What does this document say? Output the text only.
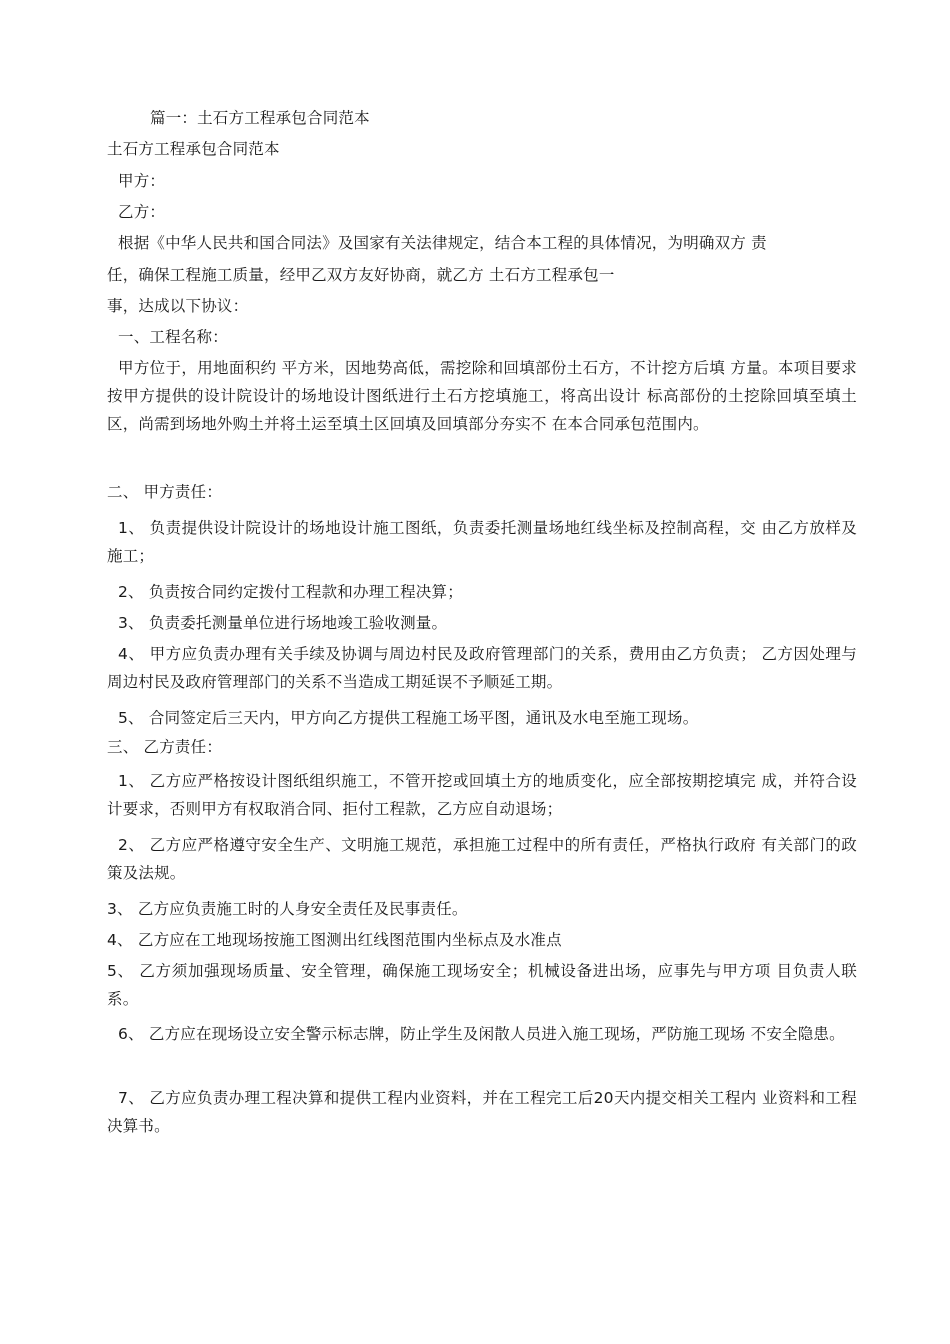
篇一：土石方工程承包合同范本
土石方工程承包合同范本
甲方：
乙方：
根据《中华人民共和国合同法》及国家有关法律规定，结合本工程的具体情况，为明确双方 责
任，确保工程施工质量，经甲乙双方友好协商，就乙方 土石方工程承包一
事，达成以下协议：
一、工程名称：
甲方位于，用地面积约 平方米，因地势高低，需挖除和回填部份土石方，不计挖方后填 方量。本项目要求按甲方提供的设计院设计的场地设计图纸进行土石方挖填施工，将高出设计 标高部份的土挖除回填至填土区，尚需到场地外购土并将土运至填土区回填及回填部分夯实不 在本合同承包范围内。
二、 甲方责任：
1、 负责提供设计院设计的场地设计施工图纸，负责委托测量场地红线坐标及控制高程，交 由乙方放样及施工；
2、 负责按合同约定拨付工程款和办理工程决算；
3、 负责委托测量单位进行场地竣工验收测量。
4、 甲方应负责办理有关手续及协调与周边村民及政府管理部门的关系，费用由乙方负责； 乙方因处理与周边村民及政府管理部门的关系不当造成工期延误不予顺延工期。
5、 合同签定后三天内，甲方向乙方提供工程施工场平图，通讯及水电至施工现场。
三、 乙方责任：
1、 乙方应严格按设计图纸组织施工，不管开挖或回填土方的地质变化，应全部按期挖填完 成，并符合设计要求，否则甲方有权取消合同、拒付工程款，乙方应自动退场；
2、 乙方应严格遵守安全生产、文明施工规范，承担施工过程中的所有责任，严格执行政府 有关部门的政策及法规。
3、 乙方应负责施工时的人身安全责任及民事责任。
4、 乙方应在工地现场按施工图测出红线图范围内坐标点及水准点
5、 乙方须加强现场质量、安全管理，确保施工现场安全；机械设备进出场，应事先与甲方项 目负责人联系。
6、 乙方应在现场设立安全警示标志牌，防止学生及闲散人员进入施工现场，严防施工现场 不安全隐患。
7、 乙方应负责办理工程决算和提供工程内业资料，并在工程完工后20天内提交相关工程内 业资料和工程决算书。
